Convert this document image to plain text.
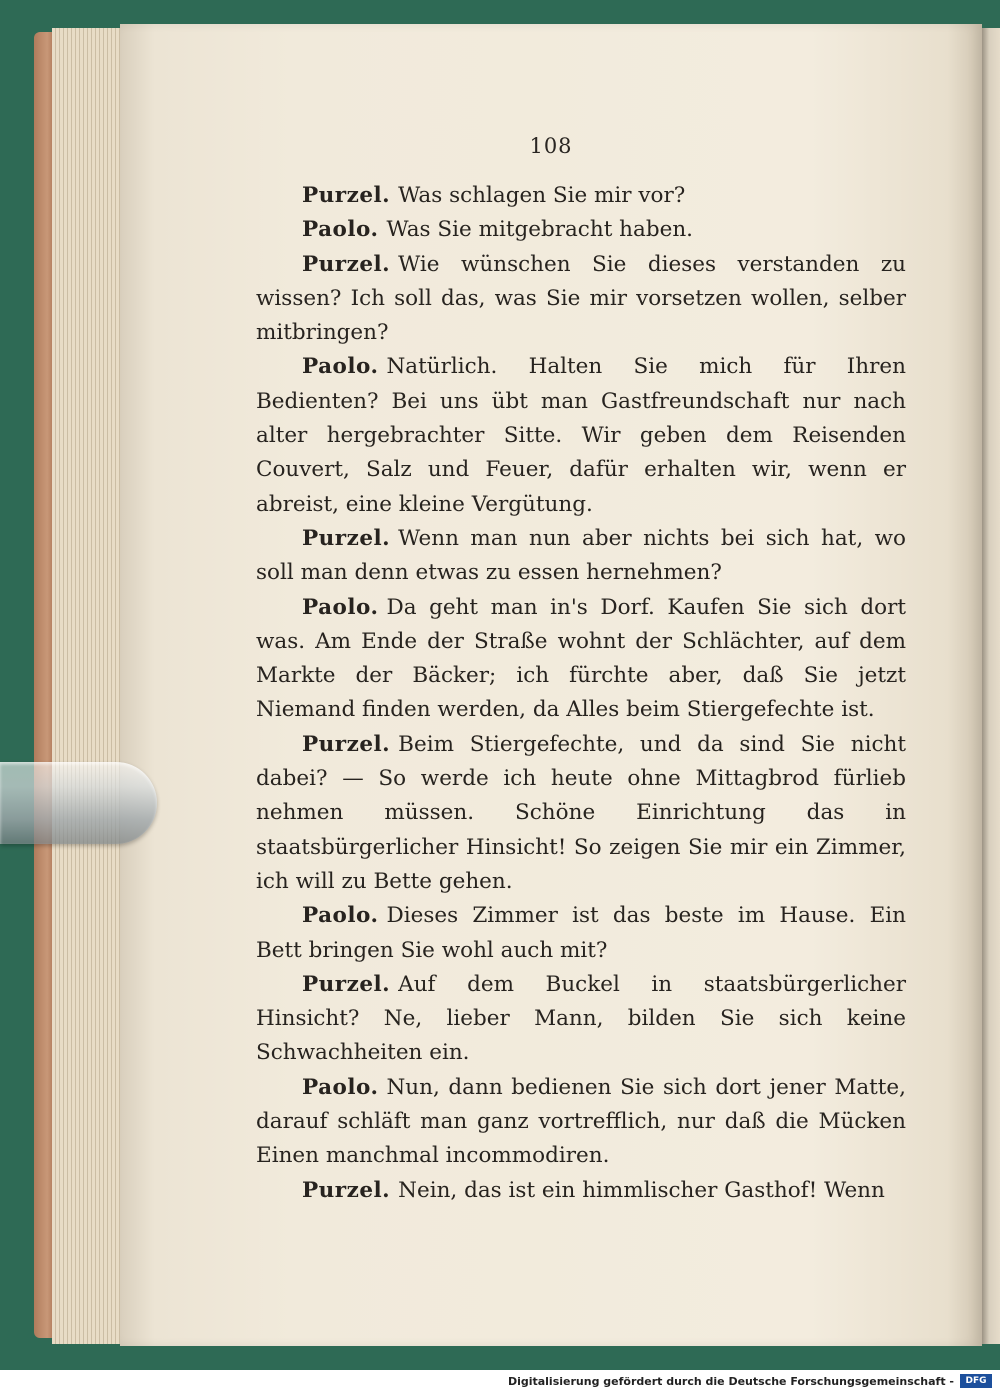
108

Purzel. Was schlagen Sie mir vor?

Paolo. Was Sie mitgebracht haben.

Purzel. Wie wünschen Sie dieses verstanden zu wissen? Ich soll das, was Sie mir vorsetzen wollen, selber mitbringen?

Paolo. Natürlich. Halten Sie mich für Ihren Bedienten? Bei uns übt man Gastfreundschaft nur nach alter hergebrachter Sitte. Wir geben dem Reisenden Couvert, Salz und Feuer, dafür erhalten wir, wenn er abreist, eine kleine Vergütung.

Purzel. Wenn man nun aber nichts bei sich hat, wo soll man denn etwas zu essen hernehmen?

Paolo. Da geht man in's Dorf. Kaufen Sie sich dort was. Am Ende der Straße wohnt der Schlächter, auf dem Markte der Bäcker; ich fürchte aber, daß Sie jetzt Niemand finden werden, da Alles beim Stiergefechte ist.

Purzel. Beim Stiergefechte, und da sind Sie nicht dabei? — So werde ich heute ohne Mittagbrod fürlieb nehmen müssen. Schöne Einrichtung das in staatsbürgerlicher Hinsicht! So zeigen Sie mir ein Zimmer, ich will zu Bette gehen.

Paolo. Dieses Zimmer ist das beste im Hause. Ein Bett bringen Sie wohl auch mit?

Purzel. Auf dem Buckel in staatsbürgerlicher Hinsicht? Ne, lieber Mann, bilden Sie sich keine Schwachheiten ein.

Paolo. Nun, dann bedienen Sie sich dort jener Matte, darauf schläft man ganz vortrefflich, nur daß die Mücken Einen manchmal incommodiren.

Purzel. Nein, das ist ein himmlischer Gasthof! Wenn

Digitalisierung gefördert durch die Deutsche Forschungsgemeinschaft -	DFG
